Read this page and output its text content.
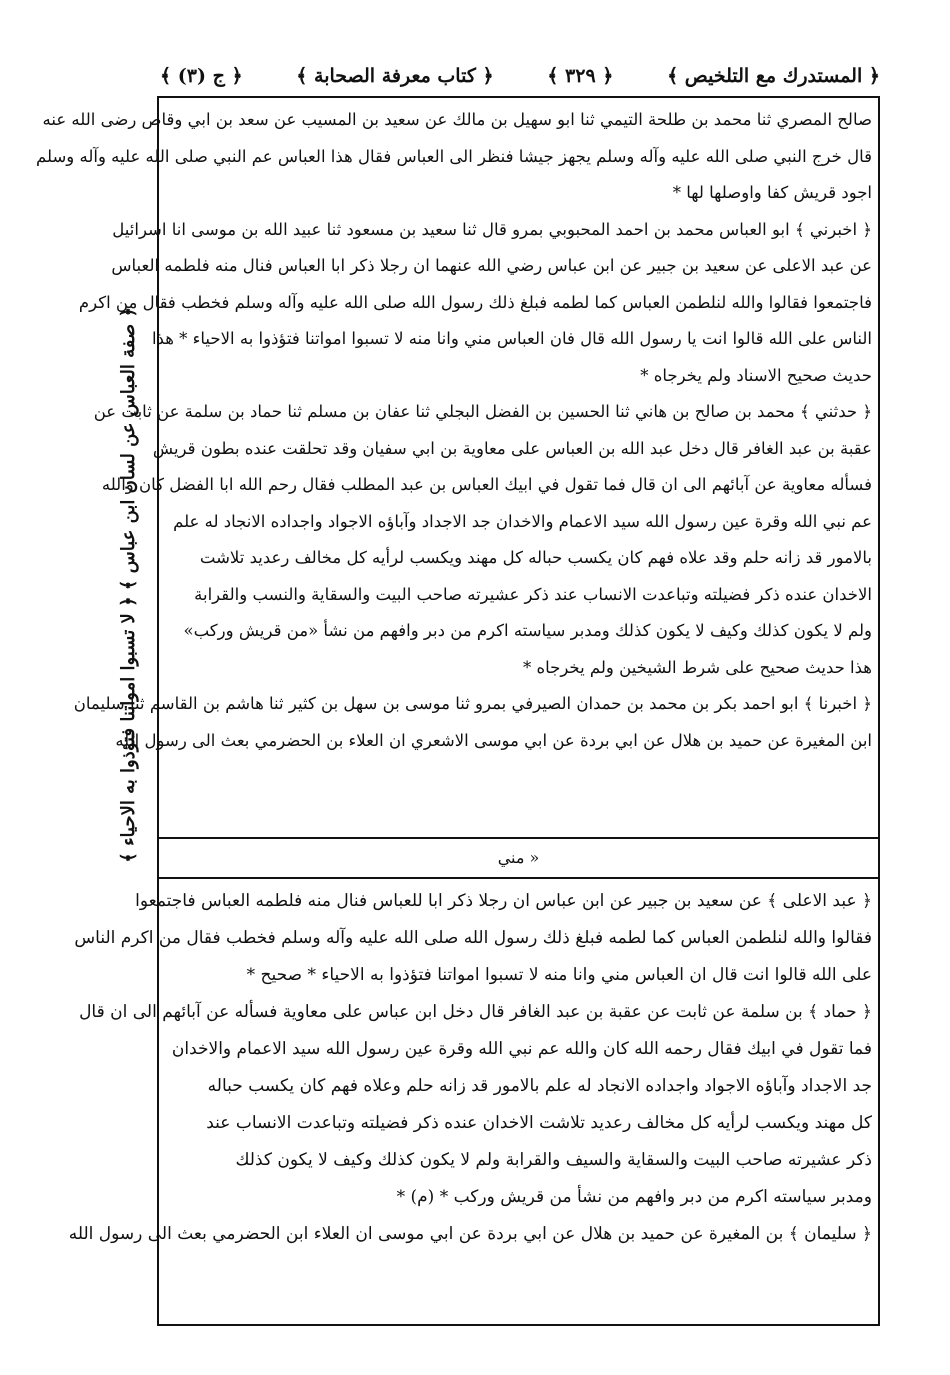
﴿ المستدرك مع التلخيص ﴾
﴿ ٣٢٩ ﴾
﴿ كتاب معرفة الصحابة ﴾
﴿ ج (٣) ﴾
﴿ صفة العباس عن لسان ابن عباس ﴾ ﴿ لا تسبوا امواتنا فتؤذوا به الاحياء ﴾
صالح المصري ثنا محمد بن طلحة التيمي ثنا ابو سهيل بن مالك عن سعيد بن المسيب عن سعد بن ابي وقاص رضى الله عنه
قال خرج النبي صلى الله عليه وآله وسلم يجهز جيشا فنظر الى العباس فقال هذا العباس عم النبي صلى الله عليه وآله وسلم
اجود قريش كفا واوصلها لها *
﴿ اخبرني ﴾ ابو العباس محمد بن احمد المحبوبي بمرو قال ثنا سعيد بن مسعود ثنا عبيد الله بن موسى انا اسرائيل
عن عبد الاعلى عن سعيد بن جبير عن ابن عباس رضي الله عنهما ان رجلا ذكر ابا العباس فنال منه فلطمه العباس
فاجتمعوا فقالوا والله لنلطمن العباس كما لطمه فبلغ ذلك رسول الله صلى الله عليه وآله وسلم فخطب فقال من اكرم
الناس على الله قالوا انت يا رسول الله قال فان العباس مني وانا منه لا تسبوا امواتنا فتؤذوا به الاحياء * هذا
حديث صحيح الاسناد ولم يخرجاه *
﴿ حدثني ﴾ محمد بن صالح بن هاني ثنا الحسين بن الفضل البجلي ثنا عفان بن مسلم ثنا حماد بن سلمة عن ثابت عن
عقبة بن عبد الغافر قال دخل عبد الله بن العباس على معاوية بن ابي سفيان وقد تحلقت عنده بطون قريش
فسأله معاوية عن آبائهم الى ان قال فما تقول في ابيك العباس بن عبد المطلب فقال رحم الله ابا الفضل كان والله
عم نبي الله وقرة عين رسول الله سيد الاعمام والاخدان جد الاجداد وآباؤه الاجواد واجداده الانجاد له علم
بالامور قد زانه حلم وقد علاه فهم كان يكسب حباله كل مهند ويكسب لرأيه كل مخالف رعديد تلاشت
الاخدان عنده ذكر فضيلته وتباعدت الانساب عند ذكر عشيرته صاحب البيت والسقاية والنسب والقرابة
ولم لا يكون كذلك وكيف لا يكون كذلك ومدبر سياسته اكرم من دبر وافهم من نشأ «من قريش وركب»
هذا حديث صحيح على شرط الشيخين ولم يخرجاه *
﴿ اخبرنا ﴾ ابو احمد بكر بن محمد بن حمدان الصيرفي بمرو ثنا موسى بن سهل بن كثير ثنا هاشم بن القاسم ثنا سليمان
ابن المغيرة عن حميد بن هلال عن ابي بردة عن ابي موسى الاشعري ان العلاء بن الحضرمي بعث الى رسول الله
« مني
﴿ عبد الاعلى ﴾ عن سعيد بن جبير عن ابن عباس ان رجلا ذكر ابا للعباس فنال منه فلطمه العباس فاجتمعوا
فقالوا والله لنلطمن العباس كما لطمه فبلغ ذلك رسول الله صلى الله عليه وآله وسلم فخطب فقال من اكرم الناس
على الله قالوا انت قال ان العباس مني وانا منه لا تسبوا امواتنا فتؤذوا به الاحياء * صحيح *
﴿ حماد ﴾ بن سلمة عن ثابت عن عقبة بن عبد الغافر قال دخل ابن عباس على معاوية فسأله عن آبائهم الى ان قال
فما تقول في ابيك فقال رحمه الله كان والله عم نبي الله وقرة عين رسول الله سيد الاعمام والاخدان
جد الاجداد وآباؤه الاجواد واجداده الانجاد له علم بالامور قد زانه حلم وعلاه فهم كان يكسب حباله
كل مهند ويكسب لرأيه كل مخالف رعديد تلاشت الاخدان عنده ذكر فضيلته وتباعدت الانساب عند
ذكر عشيرته صاحب البيت والسقاية والسيف والقرابة ولم لا يكون كذلك وكيف لا يكون كذلك
ومدبر سياسته اكرم من دبر وافهم من نشأ من قريش وركب * (م) *
﴿ سليمان ﴾ بن المغيرة عن حميد بن هلال عن ابي بردة عن ابي موسى ان العلاء ابن الحضرمي بعث الى رسول الله
